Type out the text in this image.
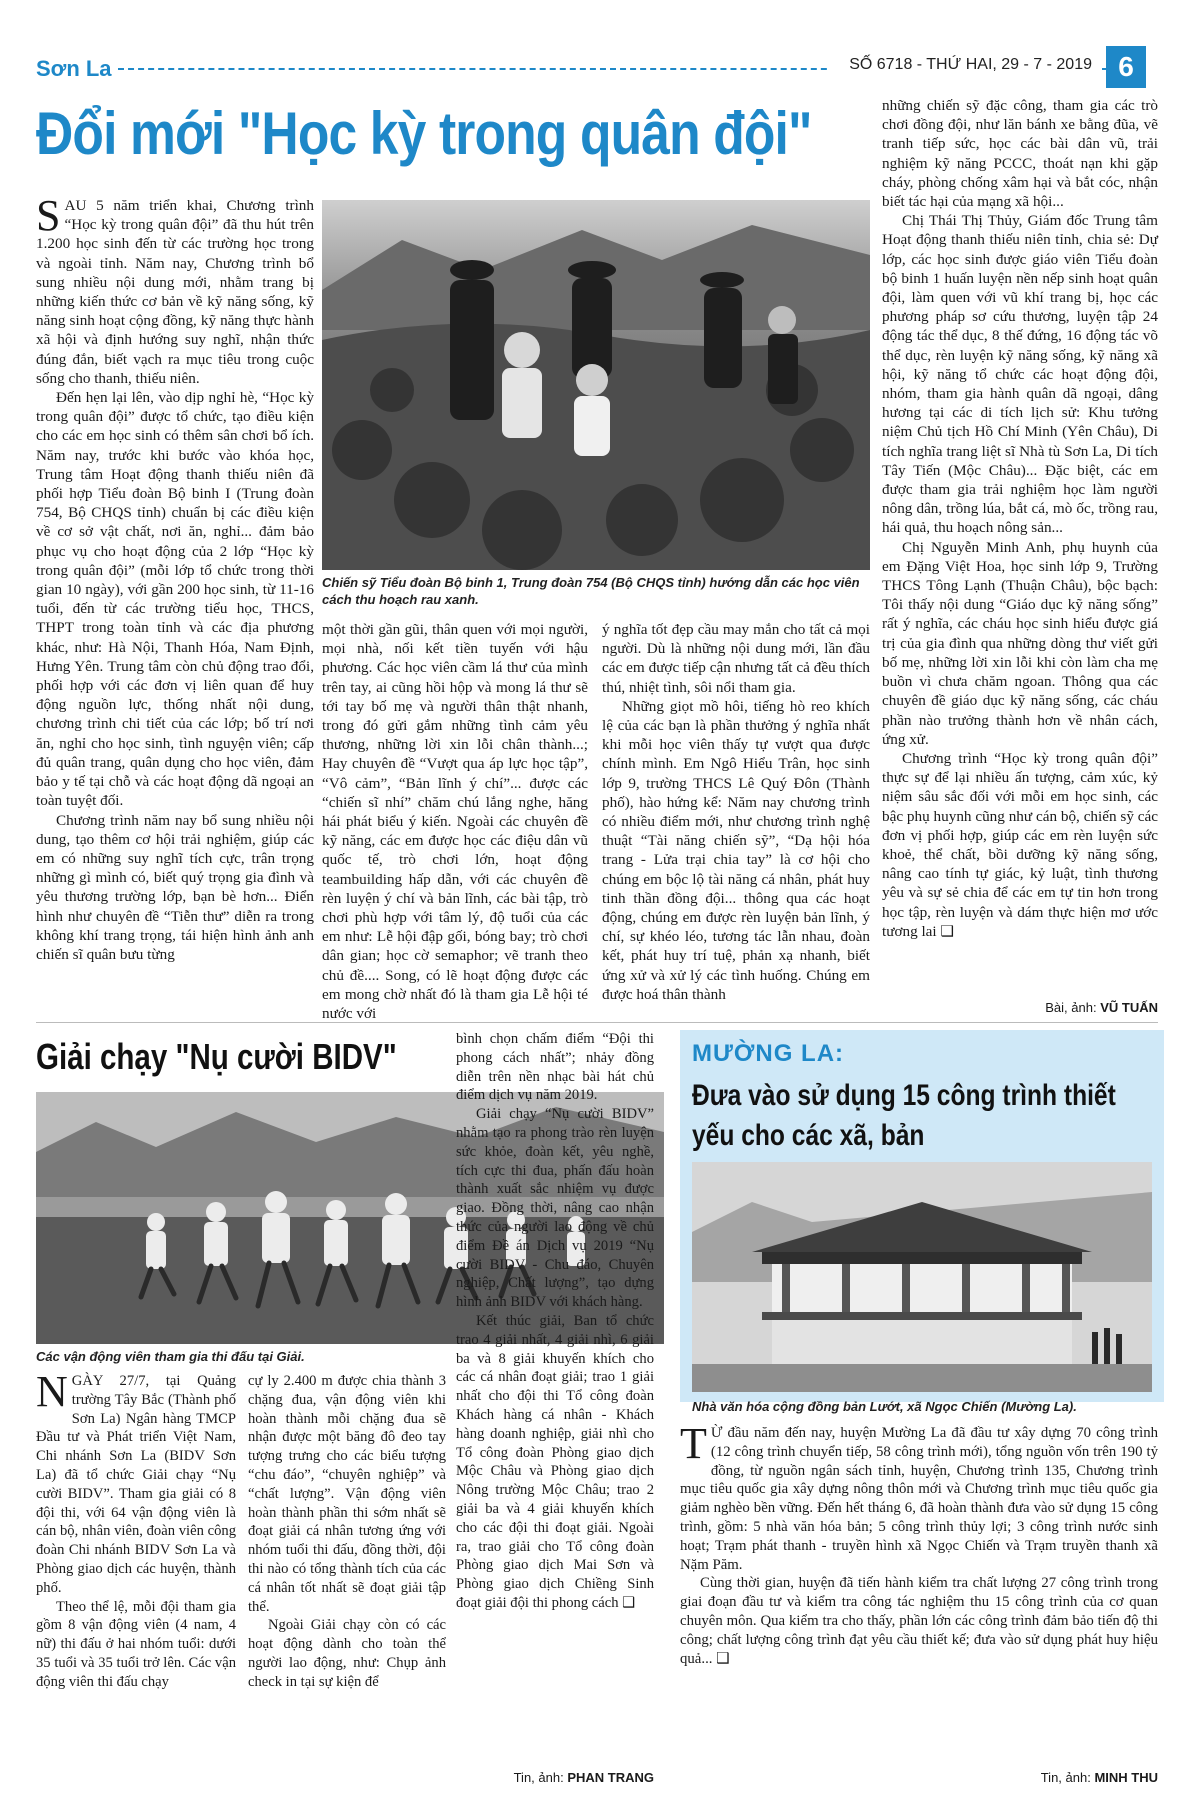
Sơn La	SỐ 6718 - THỨ HAI, 29 - 7 - 2019 6
Đổi mới "Học kỳ trong quân đội"

SAU 5 năm triển khai, Chương trình “Học kỳ trong quân đội” đã thu hút trên 1.200 học sinh đến từ các trường học trong và ngoài tỉnh. Năm nay, Chương trình bổ sung nhiều nội dung mới, nhằm trang bị những kiến thức cơ bản về kỹ năng sống, kỹ năng sinh hoạt cộng đồng, kỹ năng thực hành xã hội và định hướng suy nghĩ, nhận thức đúng đắn, biết vạch ra mục tiêu trong cuộc sống cho thanh, thiếu niên.

Đến hẹn lại lên, vào dịp nghỉ hè, “Học kỳ trong quân đội” được tổ chức, tạo điều kiện cho các em học sinh có thêm sân chơi bổ ích. Năm nay, trước khi bước vào khóa học, Trung tâm Hoạt động thanh thiếu niên đã phối hợp Tiểu đoàn Bộ binh I (Trung đoàn 754, Bộ CHQS tỉnh) chuẩn bị các điều kiện về cơ sở vật chất, nơi ăn, nghỉ... đảm bảo phục vụ cho hoạt động của 2 lớp “Học kỳ trong quân đội” (mỗi lớp tổ chức trong thời gian 10 ngày), với gần 200 học sinh, từ 11-16 tuổi, đến từ các trường tiểu học, THCS, THPT trong toàn tỉnh và các địa phương khác, như: Hà Nội, Thanh Hóa, Nam Định, Hưng Yên. Trung tâm còn chủ động trao đổi, phối hợp với các đơn vị liên quan để huy động nguồn lực, thống nhất nội dung, chương trình chi tiết của các lớp; bố trí nơi ăn, nghỉ cho học sinh, tình nguyện viên; cấp đủ quân trang, quân dụng cho học viên, đảm bảo y tế tại chỗ và các hoạt động dã ngoại an toàn tuyệt đối.

Chương trình năm nay bổ sung nhiều nội dung, tạo thêm cơ hội trải nghiệm, giúp các em có những suy nghĩ tích cực, trân trọng những gì mình có, biết quý trọng gia đình và yêu thương trường lớp, bạn bè hơn... Điển hình như chuyên đề “Tiễn thư” diễn ra trong không khí trang trọng, tái hiện hình ảnh anh chiến sĩ quân bưu từng

Chiến sỹ Tiểu đoàn Bộ binh 1, Trung đoàn 754 (Bộ CHQS tỉnh) hướng dẫn các học viên cách thu hoạch rau xanh.

một thời gần gũi, thân quen với mọi người, mọi nhà, nối kết tiền tuyến với hậu phương. Các học viên cầm lá thư của mình trên tay, ai cũng hồi hộp và mong lá thư sẽ tới tay bố mẹ và người thân thật nhanh, trong đó gửi gắm những tình cảm yêu thương, những lời xin lỗi chân thành...; Hay chuyên đề “Vượt qua áp lực học tập”, “Vô cảm”, “Bản lĩnh ý chí”... được các “chiến sĩ nhí” chăm chú lắng nghe, hăng hái phát biểu ý kiến. Ngoài các chuyên đề kỹ năng, các em được học các điệu dân vũ quốc tế, trò chơi lớn, hoạt động teambuilding hấp dẫn, với các chuyên đề rèn luyện ý chí và bản lĩnh, các bài tập, trò chơi phù hợp với tâm lý, độ tuổi của các em như: Lễ hội đập gối, bóng bay; trò chơi dân gian; học cờ semaphor; vẽ tranh theo chủ đề.... Song, có lẽ hoạt động được các em mong chờ nhất đó là tham gia Lễ hội té nước với

ý nghĩa tốt đẹp cầu may mắn cho tất cả mọi người. Dù là những nội dung mới, lần đầu các em được tiếp cận nhưng tất cả đều thích thú, nhiệt tình, sôi nổi tham gia.

Những giọt mồ hôi, tiếng hò reo khích lệ của các bạn là phần thưởng ý nghĩa nhất khi mỗi học viên thấy tự vượt qua được chính mình. Em Ngô Hiểu Trân, học sinh lớp 9, trường THCS Lê Quý Đôn (Thành phố), hào hứng kể: Năm nay chương trình có nhiều điểm mới, như chương trình nghệ thuật “Tài năng chiến sỹ”, “Dạ hội hóa trang - Lửa trại chia tay” là cơ hội cho chúng em bộc lộ tài năng cá nhân, phát huy tinh thần đồng đội... thông qua các hoạt động, chúng em được rèn luyện bản lĩnh, ý chí, sự khéo léo, tương tác lẫn nhau, đoàn kết, phát huy trí tuệ, phản xạ nhanh, biết ứng xử và xử lý các tình huống. Chúng em được hoá thân thành

những chiến sỹ đặc công, tham gia các trò chơi đồng đội, như lăn bánh xe bằng đũa, vẽ tranh tiếp sức, học các bài dân vũ, trải nghiệm kỹ năng PCCC, thoát nạn khi gặp cháy, phòng chống xâm hại và bắt cóc, nhận biết tác hại của mạng xã hội...

Chị Thái Thị Thủy, Giám đốc Trung tâm Hoạt động thanh thiếu niên tỉnh, chia sẻ: Dự lớp, các học sinh được giáo viên Tiểu đoàn bộ binh 1 huấn luyện nền nếp sinh hoạt quân đội, làm quen với vũ khí trang bị, học các phương pháp sơ cứu thương, luyện tập 24 động tác thể dục, 8 thế đứng, 16 động tác võ thể dục, rèn luyện kỹ năng sống, kỹ năng xã hội, kỹ năng tổ chức các hoạt động đội, nhóm, tham gia hành quân dã ngoại, dâng hương tại các di tích lịch sử: Khu tưởng niệm Chủ tịch Hồ Chí Minh (Yên Châu), Di tích nghĩa trang liệt sĩ Nhà tù Sơn La, Di tích Tây Tiến (Mộc Châu)... Đặc biệt, các em được tham gia trải nghiệm học làm người nông dân, trồng lúa, bắt cá, mò ốc, trồng rau, hái quả, thu hoạch nông sản...

Chị Nguyễn Minh Anh, phụ huynh của em Đặng Việt Hoa, học sinh lớp 9, Trường THCS Tông Lạnh (Thuận Châu), bộc bạch: Tôi thấy nội dung “Giáo dục kỹ năng sống” rất ý nghĩa, các cháu học sinh hiểu được giá trị của gia đình qua những dòng thư viết gửi bố mẹ, những lời xin lỗi khi còn làm cha mẹ buồn vì chưa chăm ngoan. Thông qua các chuyên đề giáo dục kỹ năng sống, các cháu phần nào trưởng thành hơn về nhân cách, ứng xử.

Chương trình “Học kỳ trong quân đội” thực sự để lại nhiều ấn tượng, cảm xúc, kỷ niệm sâu sắc đối với mỗi em học sinh, các bậc phụ huynh cũng như cán bộ, chiến sỹ các đơn vị phối hợp, giúp các em rèn luyện sức khoẻ, thể chất, bồi dưỡng kỹ năng sống, nâng cao tính tự giác, kỷ luật, tình thương yêu và sự sẻ chia để các em tự tin hơn trong học tập, rèn luyện và dám thực hiện mơ ước tương lai ❑

Bài, ảnh: VŨ TUẤN
Giải chạy "Nụ cười BIDV"
Các vận động viên tham gia thi đấu tại Giải.

NGÀY 27/7, tại Quảng trường Tây Bắc (Thành phố Sơn La) Ngân hàng TMCP Đầu tư và Phát triển Việt Nam, Chi nhánh Sơn La (BIDV Sơn La) đã tổ chức Giải chạy “Nụ cười BIDV”. Tham gia giải có 8 đội thi, với 64 vận động viên là cán bộ, nhân viên, đoàn viên công đoàn Chi nhánh BIDV Sơn La và Phòng giao dịch các huyện, thành phố.

Theo thể lệ, mỗi đội tham gia gồm 8 vận động viên (4 nam, 4 nữ) thi đấu ở hai nhóm tuổi: dưới 35 tuổi và 35 tuổi trở lên. Các vận động viên thi đấu chạy

cự ly 2.400 m được chia thành 3 chặng đua, vận động viên khi hoàn thành mỗi chặng đua sẽ nhận được một băng đô đeo tay tượng trưng cho các biểu tượng “chu đáo”, “chuyên nghiệp” và “chất lượng”. Vận động viên hoàn thành phần thi sớm nhất sẽ đoạt giải cá nhân tương ứng với nhóm tuổi thi đấu, đồng thời, đội thi nào có tổng thành tích của các cá nhân tốt nhất sẽ đoạt giải tập thể.

Ngoài Giải chạy còn có các hoạt động dành cho toàn thể người lao động, như: Chụp ảnh check in tại sự kiện để

bình chọn chấm điểm “Đội thi phong cách nhất”; nhảy đồng diễn trên nền nhạc bài hát chủ điểm dịch vụ năm 2019.

Giải chạy “Nụ cười BIDV” nhằm tạo ra phong trào rèn luyện sức khỏe, đoàn kết, yêu nghề, tích cực thi đua, phấn đấu hoàn thành xuất sắc nhiệm vụ được giao. Đồng thời, nâng cao nhận thức của người lao động về chủ điểm Đề án Dịch vụ 2019 “Nụ cười BIDV - Chu đáo, Chuyên nghiệp, Chất lượng”, tạo dựng hình ảnh BIDV với khách hàng.

Kết thúc giải, Ban tổ chức trao 4 giải nhất, 4 giải nhì, 6 giải ba và 8 giải khuyến khích cho các cá nhân đoạt giải; trao 1 giải nhất cho đội thi Tổ công đoàn Khách hàng cá nhân - Khách hàng doanh nghiệp, giải nhì cho Tổ công đoàn Phòng giao dịch Mộc Châu và Phòng giao dịch Nông trường Mộc Châu; trao 2 giải ba và 4 giải khuyến khích cho các đội thi đoạt giải. Ngoài ra, trao giải cho Tổ công đoàn Phòng giao dịch Mai Sơn và Phòng giao dịch Chiềng Sinh đoạt giải đội thi phong cách ❑

Tin, ảnh: PHAN TRANG
MƯỜNG LA:
Đưa vào sử dụng 15 công trình thiết yếu cho các xã, bản
Nhà văn hóa cộng đồng bản Lướt, xã Ngọc Chiến (Mường La).

T Ừ đầu năm đến nay, huyện Mường La đã đầu tư xây dựng 70 công trình (12 công trình chuyển tiếp, 58 công trình mới), tổng nguồn vốn trên 190 tỷ đồng, từ nguồn ngân sách tỉnh, huyện, Chương trình 135, Chương trình mục tiêu quốc gia xây dựng nông thôn mới và Chương trình mục tiêu quốc gia giảm nghèo bền vững. Đến hết tháng 6, đã hoàn thành đưa vào sử dụng 15 công trình, gồm: 5 nhà văn hóa bản; 5 công trình thủy lợi; 3 công trình nước sinh hoạt; Trạm phát thanh - truyền hình xã Ngọc Chiến và Trạm truyền thanh xã Nặm Păm.

Cùng thời gian, huyện đã tiến hành kiểm tra chất lượng 27 công trình trong giai đoạn đầu tư và kiểm tra công tác nghiệm thu 15 công trình của cơ quan chuyên môn. Qua kiểm tra cho thấy, phần lớn các công trình đảm bảo tiến độ thi công; chất lượng công trình đạt yêu cầu thiết kế; đưa vào sử dụng phát huy hiệu quả... ❑

Tin, ảnh: MINH THU
